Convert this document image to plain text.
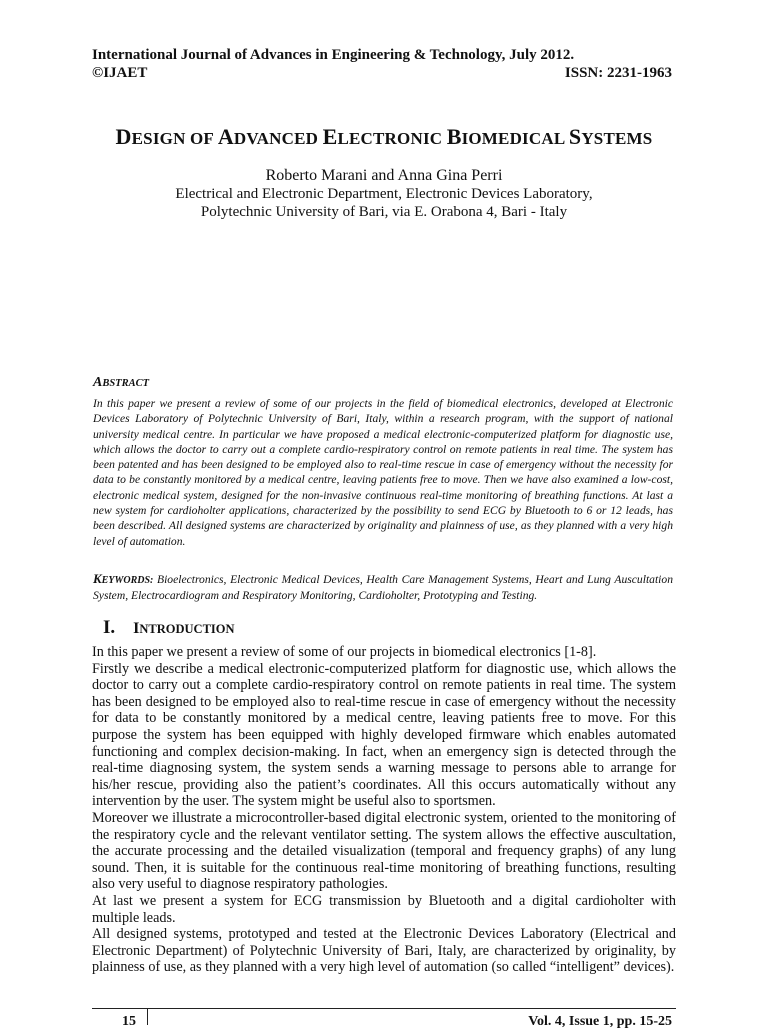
International Journal of Advances in Engineering & Technology, July 2012.
©IJAET	ISSN: 2231-1963
DESIGN OF ADVANCED ELECTRONIC BIOMEDICAL SYSTEMS
Roberto Marani and Anna Gina Perri
Electrical and Electronic Department, Electronic Devices Laboratory,
Polytechnic University of Bari, via E. Orabona 4, Bari - Italy
ABSTRACT
In this paper we present a review of some of our projects in the field of biomedical electronics, developed at Electronic Devices Laboratory of Polytechnic University of Bari, Italy, within a research program, with the support of national university medical centre. In particular we have proposed a medical electronic-computerized platform for diagnostic use, which allows the doctor to carry out a complete cardio-respiratory control on remote patients in real time. The system has been patented and has been designed to be employed also to real-time rescue in case of emergency without the necessity for data to be constantly monitored by a medical centre, leaving patients free to move. Then we have also examined a low-cost, electronic medical system, designed for the non-invasive continuous real-time monitoring of breathing functions. At last a new system for cardioholter applications, characterized by the possibility to send ECG by Bluetooth to 6 or 12 leads, has been described. All designed systems are characterized by originality and plainness of use, as they planned with a very high level of automation.
KEYWORDS: Bioelectronics, Electronic Medical Devices, Health Care Management Systems, Heart and Lung Auscultation System, Electrocardiogram and Respiratory Monitoring, Cardioholter, Prototyping and Testing.
I. INTRODUCTION

In this paper we present a review of some of our projects in biomedical electronics [1-8].

Firstly we describe a medical electronic-computerized platform for diagnostic use, which allows the doctor to carry out a complete cardio-respiratory control on remote patients in real time. The system has been designed to be employed also to real-time rescue in case of emergency without the necessity for data to be constantly monitored by a medical centre, leaving patients free to move. For this purpose the system has been equipped with highly developed firmware which enables automated functioning and complex decision-making. In fact, when an emergency sign is detected through the real-time diagnosing system, the system sends a warning message to persons able to arrange for his/her rescue, providing also the patient’s coordinates. All this occurs automatically without any intervention by the user. The system might be useful also to sportsmen.

Moreover we illustrate a microcontroller-based digital electronic system, oriented to the monitoring of the respiratory cycle and the relevant ventilator setting. The system allows the effective auscultation, the accurate processing and the detailed visualization (temporal and frequency graphs) of any lung sound. Then, it is suitable for the continuous real-time monitoring of breathing functions, resulting also very useful to diagnose respiratory pathologies.

At last we present a system for ECG transmission by Bluetooth and a digital cardioholter with multiple leads.

All designed systems, prototyped and tested at the Electronic Devices Laboratory (Electrical and Electronic Department) of Polytechnic University of Bari, Italy, are characterized by originality, by plainness of use, as they planned with a very high level of automation (so called “intelligent” devices).

15	Vol. 4, Issue 1, pp. 15-25
